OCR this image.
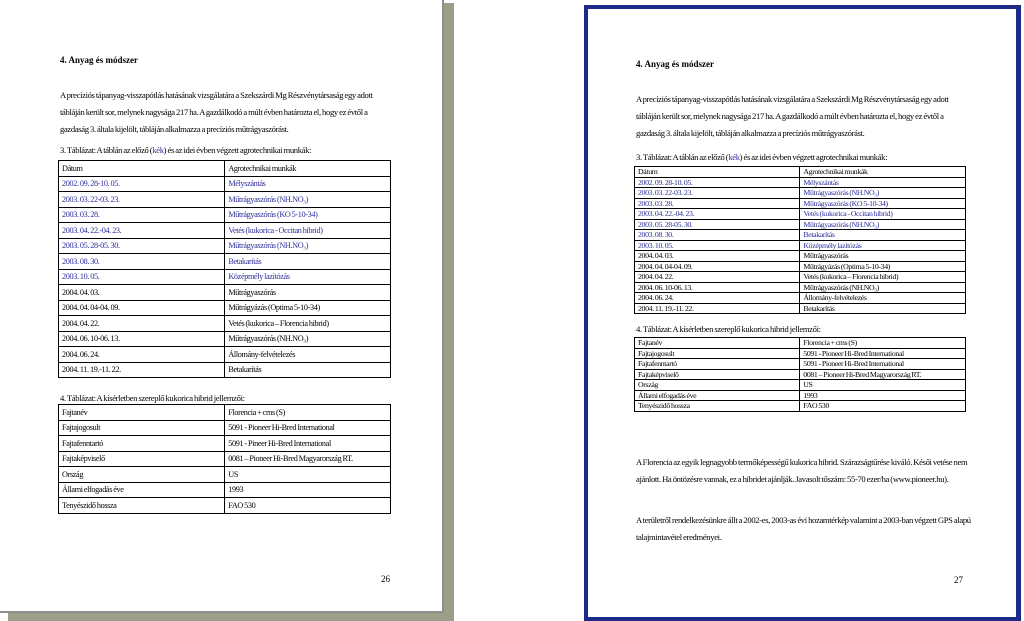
4. Anyag és módszer
A precíziós tápanyag-visszapótlás hatásának vizsgálatára a Szekszárdi Mg Részvénytársaság egy adott tábláján került sor, melynek nagysága 217 ha. A gazdálkodó a múlt évben határozta el, hogy ez évtől a gazdaság 3. általa kijelölt, tábláján alkalmazza a precíziós műtrágyaszórást.
3. Táblázat: A táblán az előző (kék) és az idei évben végzett agrotechnikai munkák:
Dátum	Agrotechnikai munkák
2002. 09. 28-10. 05.	Mélyszántás
2003. 03. 22-03. 23.	Műtrágyaszórás (NH.NO₃)
2003. 03. 28.	Műtrágyaszórás (KO 5-10-34)
2003. 04. 22.-04. 23.	Vetés (kukorica - Occitan hibrid)
2003. 05. 28-05. 30.	Műtrágyaszórás (NH.NO₃)
2003. 08. 30.	Betakarítás
2003. 10. 05.	Középmély lazítózás
2004. 04. 03.	Műtrágyaszórás
2004. 04. 04-04. 09.	Műtrágyázás (Optima 5-10-34)
2004. 04. 22.	Vetés (kukorica – Florencia hibrid)
2004. 06. 10-06. 13.	Műtrágyaszórás (NH.NO₃)
2004. 06. 24.	Állomány-felvételezés
2004. 11. 19.-11. 22.	Betakarítás
4. Táblázat: A kísérletben szereplő kukorica hibrid jellemzői:
Fajtanév	Florencia + cms (S)
Fajtajogosult	5091 - Pioneer Hi-Bred International
Fajtafenntartó	5091 - Pineer Hi-Bred International
Fajtaképviselő	0081 – Pioneer Hi-Bred Magyarország RT.
Ország	US
Állami elfogadás éve	1993
Tenyészidő hossza	FAO 530
26
4. Anyag és módszer
A precíziós tápanyag-visszapótlás hatásának vizsgálatára a Szekszárdi Mg Részvénytársaság egy adott tábláján került sor, melynek nagysága 217 ha. A gazdálkodó a múlt évben határozta el, hogy ez évtől a gazdaság 3. általa kijelölt, tábláján alkalmazza a precíziós műtrágyaszórást.
3. Táblázat: A táblán az előző (kék) és az idei évben végzett agrotechnikai munkák:
Dátum	Agrotechnikai munkák
2002. 09. 28-10. 05.	Mélyszántás
2003. 03. 22-03. 23.	Műtrágyaszórás (NH.NO₃)
2003. 03. 28.	Műtrágyaszórás (KO 5-10-34)
2003. 04. 22.-04. 23.	Vetés (kukorica - Occitan hibrid)
2003. 05. 28-05. 30.	Műtrágyaszórás (NH.NO₃)
2003. 08. 30.	Betakarítás
2003. 10. 05.	Középmély lazítózás
2004. 04. 03.	Műtrágyaszórás
2004. 04. 04-04. 09.	Műtrágyázás (Optima 5-10-34)
2004. 04. 22.	Vetés (kukorica – Florencia hibrid)
2004. 06. 10-06. 13.	Műtrágyaszórás (NH.NO₃)
2004. 06. 24.	Állomány-felvételezés
2004. 11. 19.-11. 22.	Betakarítás
4. Táblázat: A kísérletben szereplő kukorica hibrid jellemzői:
Fajtanév	Florencia + cms (S)
Fajtajogosult	5091 - Pioneer Hi-Bred International
Fajtafenntartó	5091 - Pioneer Hi-Bred International
Fajtaképviselő	0081 – Pioneer Hi-Bred Magyarország RT.
Ország	US
Állami elfogadás éve	1993
Tenyészidő hossza	FAO 530
A Florencia az egyik legnagyobb termőképességű kukorica hibrid. Szárazságtűrése kiváló. Késői vetése nem ajánlott. Ha öntözésre vannak, ez a hibridet ajánlják. Javasolt tőszám: 55-70 ezer/ha (www.pioneer.hu).
A területről rendelkezésünkre állt a 2002-es, 2003-as évi hozamtérkép valamint a 2003-ban végzett GPS alapú talajmintavétel eredményei.
27
